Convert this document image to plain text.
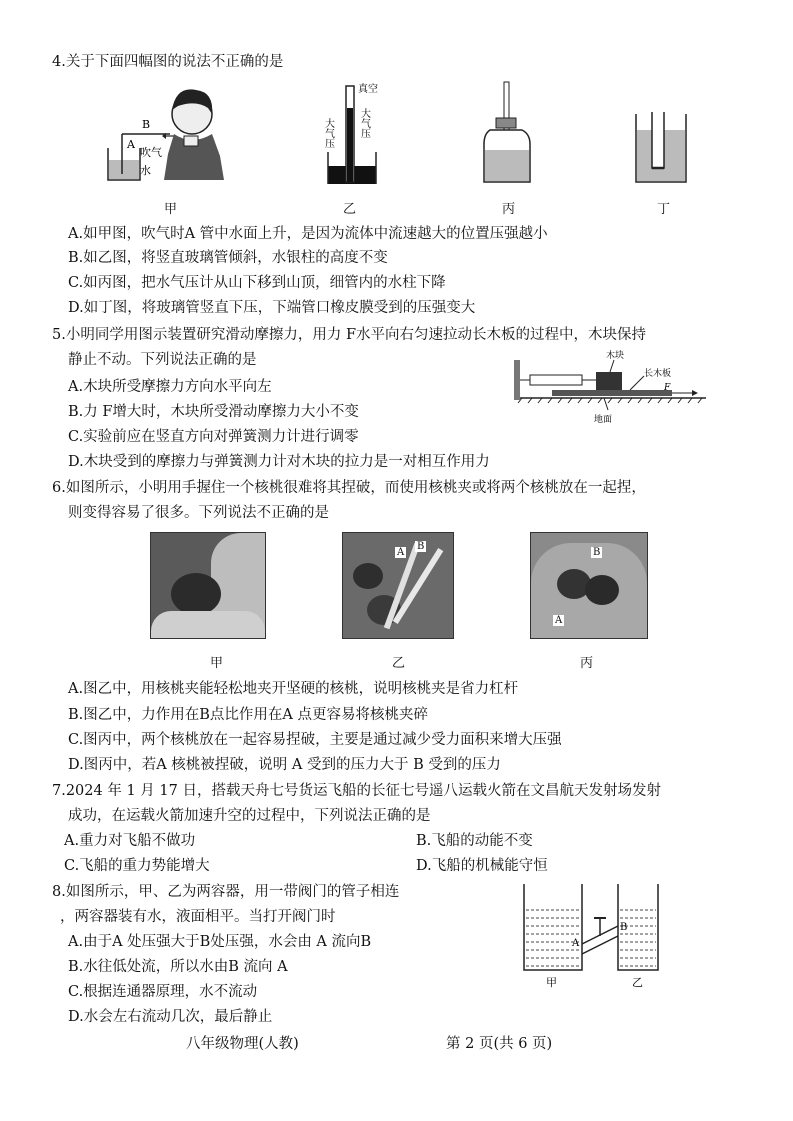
4.关于下面四幅图的说法不正确的是
A
B
吹气
水
甲
真空
大气压	大气压
乙	丙	丁
A.如甲图，吹气时A 管中水面上升，是因为流体中流速越大的位置压强越小
B.如乙图，将竖直玻璃管倾斜，水银柱的高度不变
C.如丙图，把水气压计从山下移到山顶，细管内的水柱下降
D.如丁图，将玻璃管竖直下压，下端管口橡皮膜受到的压强变大
5.小明同学用图示装置研究滑动摩擦力，用力 F水平向右匀速拉动长木板的过程中，木块保持
静止不动。下列说法正确的是
F
木块
长木板
地面
A.木块所受摩擦力方向水平向左
B.力 F增大时，木块所受滑动摩擦力大小不变
C.实验前应在竖直方向对弹簧测力计进行调零
D.木块受到的摩擦力与弹簧测力计对木块的拉力是一对相互作用力
6.如图所示，小明用手握住一个核桃很难将其捏破，而使用核桃夹或将两个核桃放在一起捏，
则变得容易了很多。下列说法不正确的是
甲
A
B
乙
B
A
丙
A.图乙中，用核桃夹能轻松地夹开坚硬的核桃，说明核桃夹是省力杠杆
B.图乙中，力作用在B点比作用在A 点更容易将核桃夹碎
C.图丙中，两个核桃放在一起容易捏破，主要是通过减少受力面积来增大压强
D.图丙中，若A 核桃被捏破，说明 A 受到的压力大于 B 受到的压力
7.2024 年 1 月 17 日，搭载天舟七号货运飞船的长征七号遥八运载火箭在文昌航天发射场发射
成功，在运载火箭加速升空的过程中，下列说法正确的是
A.重力对飞船不做功	B.飞船的动能不变
C.飞船的重力势能增大	D.飞船的机械能守恒
8.如图所示，甲、乙为两容器，用一带阀门的管子相连
，两容器装有水，液面相平。当打开阀门时
A
B
甲	乙
A.由于A 处压强大于B处压强，水会由 A 流向B
B.水往低处流，所以水由B 流向 A
C.根据连通器原理，水不流动
D.水会左右流动几次，最后静止
八年级物理(人教)	第 2 页(共 6 页)
